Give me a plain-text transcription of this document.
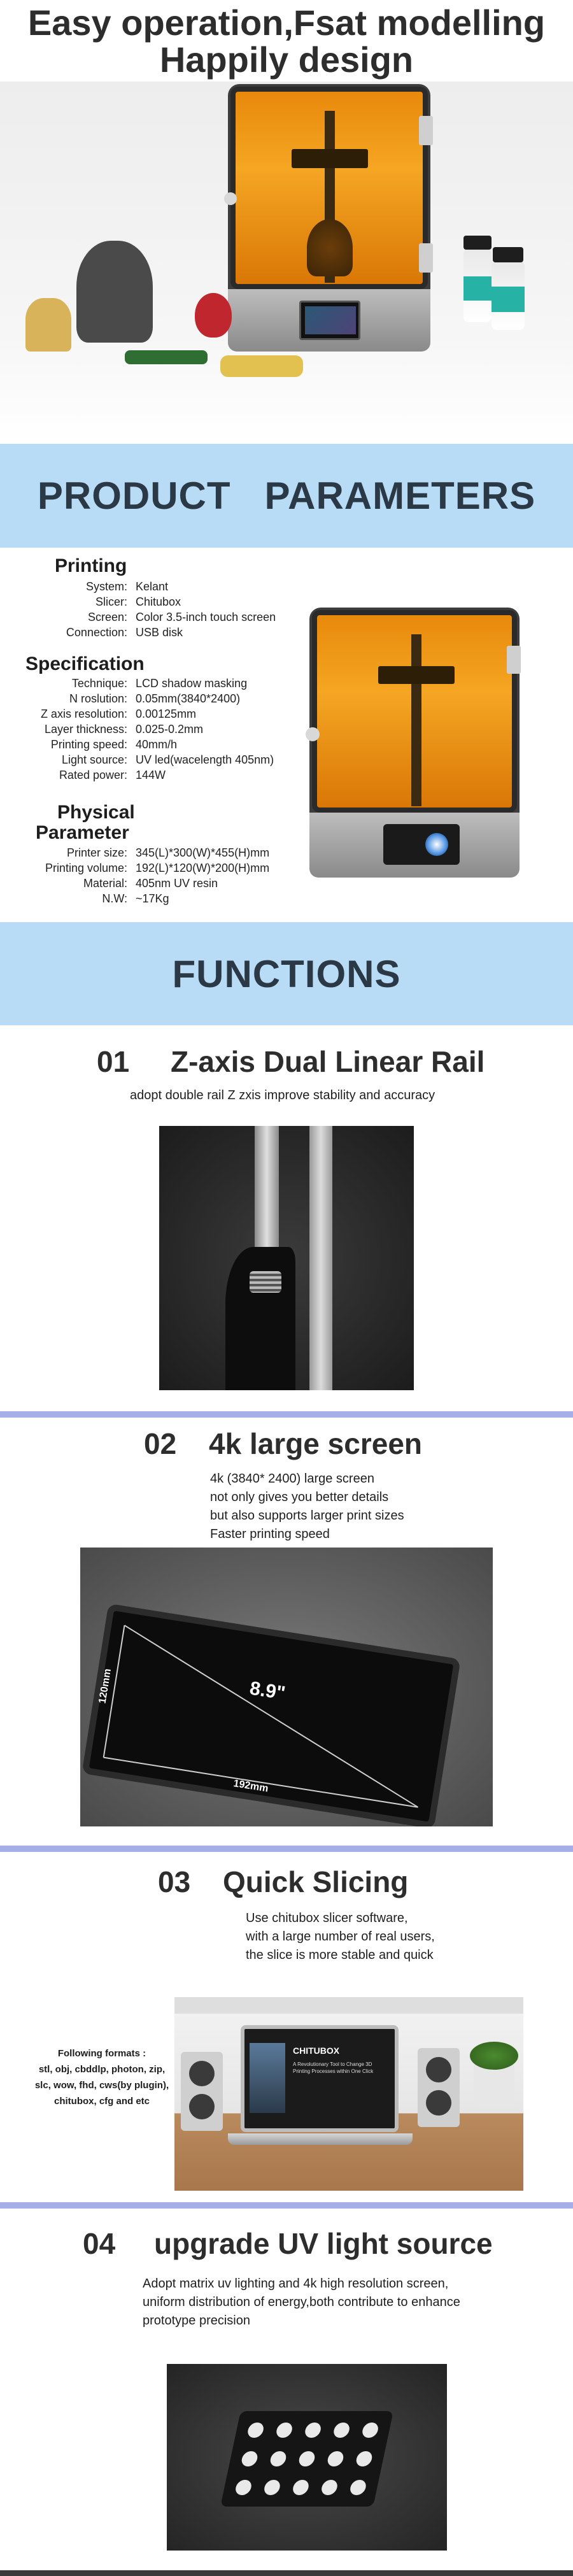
Easy operation,Fsat modelling
Happily design
PRODUCT   PARAMETERS
Printing
System: Kelant
Slicer: Chitubox
Screen: Color 3.5-inch touch screen
Connection: USB disk
Specification
Technique: LCD shadow masking
N roslution: 0.05mm(3840*2400)
Z axis resolution: 0.00125mm
Layer thickness: 0.025-0.2mm
Printing speed: 40mm/h
Light source: UV led(wacelength 405nm)
Rated power: 144W
Physical
Parameter
Printer size: 345(L)*300(W)*455(H)mm
Printing volume: 192(L)*120(W)*200(H)mm
Material: 405nm UV resin
N.W: ~17Kg
FUNCTIONS
01 Z-axis Dual Linear Rail
adopt double rail Z zxis improve stability and accuracy
02 4k large screen
4k (3840* 2400) large screen
not only gives you better details
but also supports larger print sizes
Faster printing speed
8.9"
192mm
120mm
03 Quick Slicing
Use chitubox slicer software,
with a large number of real users,
the slice is more stable and quick
Following formats :
stl, obj, cbddlp, photon, zip,
slc, wow, fhd, cws(by plugin),
chitubox, cfg and etc
CHITUBOX
A Revolutionary Tool to Change 3D
Printing Processes within One Click
04 upgrade UV light source
Adopt matrix uv lighting and 4k high resolution screen,
uniform distribution of energy,both contribute to enhance
prototype precision
